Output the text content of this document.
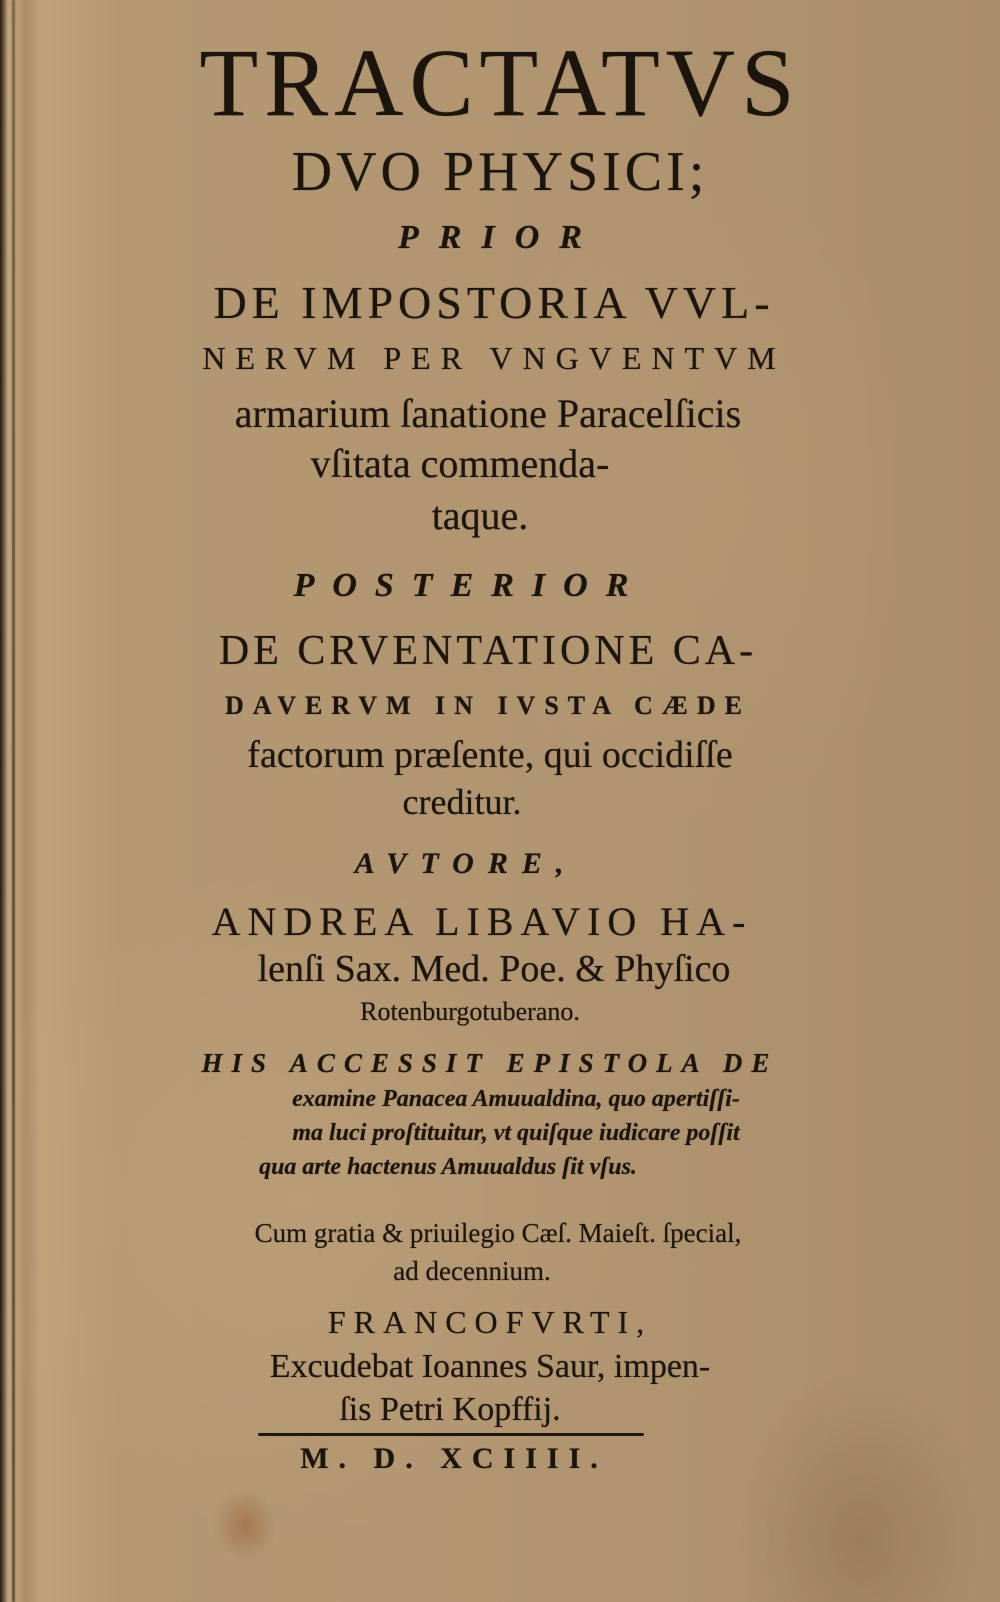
TRACTATVS
DVO PHYSICI;
PRIOR
DE IMPOSTORIA VVL-
NERVM PER VNGVENTVM
armarium ſanatione Paracelſicis
vſitata commenda-
taque.
POSTERIOR
DE CRVENTATIONE CA-
DAVERVM IN IVSTA CÆDE
factorum præſente, qui occidiſſe
creditur.
AVTORE,
ANDREA LIBAVIO HA-
lenſi Sax. Med. Poe. & Phyſico
Rotenburgotuberano.
HIS ACCESSIT EPISTOLA DE
examine Panacea Amuualdina, quo apertiſſi-
ma luci proſtituitur, vt quiſque iudicare poſſit
qua arte hactenus Amuualdus ſit vſus.
Cum gratia & priuilegio Cæſ. Maieſt. ſpecial,
ad decennium.
FRANCOFVRTI,
Excudebat Ioannes Saur, impen-
ſis Petri Kopffij.
M. D. XCIIII.
